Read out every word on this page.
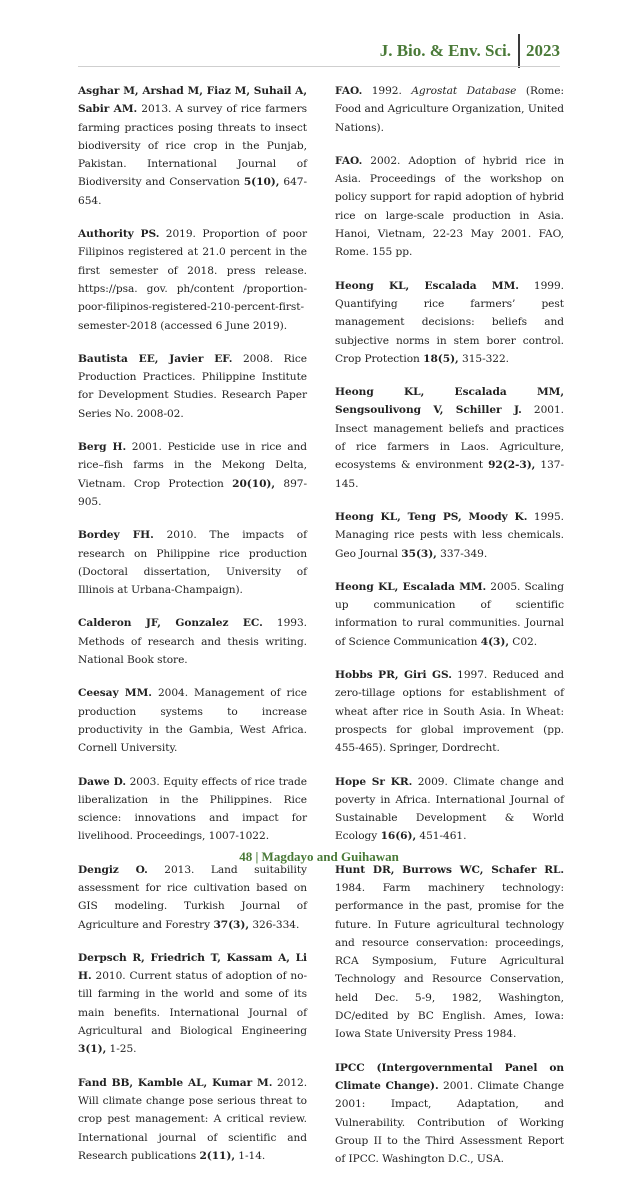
J. Bio. & Env. Sci. 2023

Asghar M, Arshad M, Fiaz M, Suhail A, Sabir AM. 2013. A survey of rice farmers farming practices posing threats to insect biodiversity of rice crop in the Punjab, Pakistan. International Journal of Biodiversity and Conservation 5(10), 647-654.

Authority PS. 2019. Proportion of poor Filipinos registered at 21.0 percent in the first semester of 2018. press release. https://psa. gov. ph/content /proportion-poor-filipinos-registered-210-percent-first-semester-2018 (accessed 6 June 2019).

Bautista EE, Javier EF. 2008. Rice Production Practices. Philippine Institute for Development Studies. Research Paper Series No. 2008-02.

Berg H. 2001. Pesticide use in rice and rice–fish farms in the Mekong Delta, Vietnam. Crop Protection 20(10), 897-905.

Bordey FH. 2010. The impacts of research on Philippine rice production (Doctoral dissertation, University of Illinois at Urbana-Champaign).

Calderon JF, Gonzalez EC. 1993. Methods of research and thesis writing. National Book store.

Ceesay MM. 2004. Management of rice production systems to increase productivity in the Gambia, West Africa. Cornell University.

Dawe D. 2003. Equity effects of rice trade liberalization in the Philippines. Rice science: innovations and impact for livelihood. Proceedings, 1007-1022.

Dengiz O. 2013. Land suitability assessment for rice cultivation based on GIS modeling. Turkish Journal of Agriculture and Forestry 37(3), 326-334.

Derpsch R, Friedrich T, Kassam A, Li H. 2010. Current status of adoption of no-till farming in the world and some of its main benefits. International Journal of Agricultural and Biological Engineering 3(1), 1-25.

Fand BB, Kamble AL, Kumar M. 2012. Will climate change pose serious threat to crop pest management: A critical review. International journal of scientific and Research publications 2(11), 1-14.

FAO. 1992. Agrostat Database (Rome: Food and Agriculture Organization, United Nations).

FAO. 2002. Adoption of hybrid rice in Asia. Proceedings of the workshop on policy support for rapid adoption of hybrid rice on large-scale production in Asia. Hanoi, Vietnam, 22-23 May 2001. FAO, Rome. 155 pp.

Heong KL, Escalada MM. 1999. Quantifying rice farmers’ pest management decisions: beliefs and subjective norms in stem borer control. Crop Protection 18(5), 315-322.

Heong KL, Escalada MM, Sengsoulivong V, Schiller J. 2001. Insect management beliefs and practices of rice farmers in Laos. Agriculture, ecosystems & environment 92(2-3), 137-145.

Heong KL, Teng PS, Moody K. 1995. Managing rice pests with less chemicals. Geo Journal 35(3), 337-349.

Heong KL, Escalada MM. 2005. Scaling up communication of scientific information to rural communities. Journal of Science Communication 4(3), C02.

Hobbs PR, Giri GS. 1997. Reduced and zero-tillage options for establishment of wheat after rice in South Asia. In Wheat: prospects for global improvement (pp. 455-465). Springer, Dordrecht.

Hope Sr KR. 2009. Climate change and poverty in Africa. International Journal of Sustainable Development & World Ecology 16(6), 451-461.

Hunt DR, Burrows WC, Schafer RL. 1984. Farm machinery technology: performance in the past, promise for the future. In Future agricultural technology and resource conservation: proceedings, RCA Symposium, Future Agricultural Technology and Resource Conservation, held Dec. 5-9, 1982, Washington, DC/edited by BC English. Ames, Iowa: Iowa State University Press 1984.

IPCC (Intergovernmental Panel on Climate Change). 2001. Climate Change 2001: Impact, Adaptation, and Vulnerability. Contribution of Working Group II to the Third Assessment Report of IPCC. Washington D.C., USA.

48 | Magdayo and Guihawan
